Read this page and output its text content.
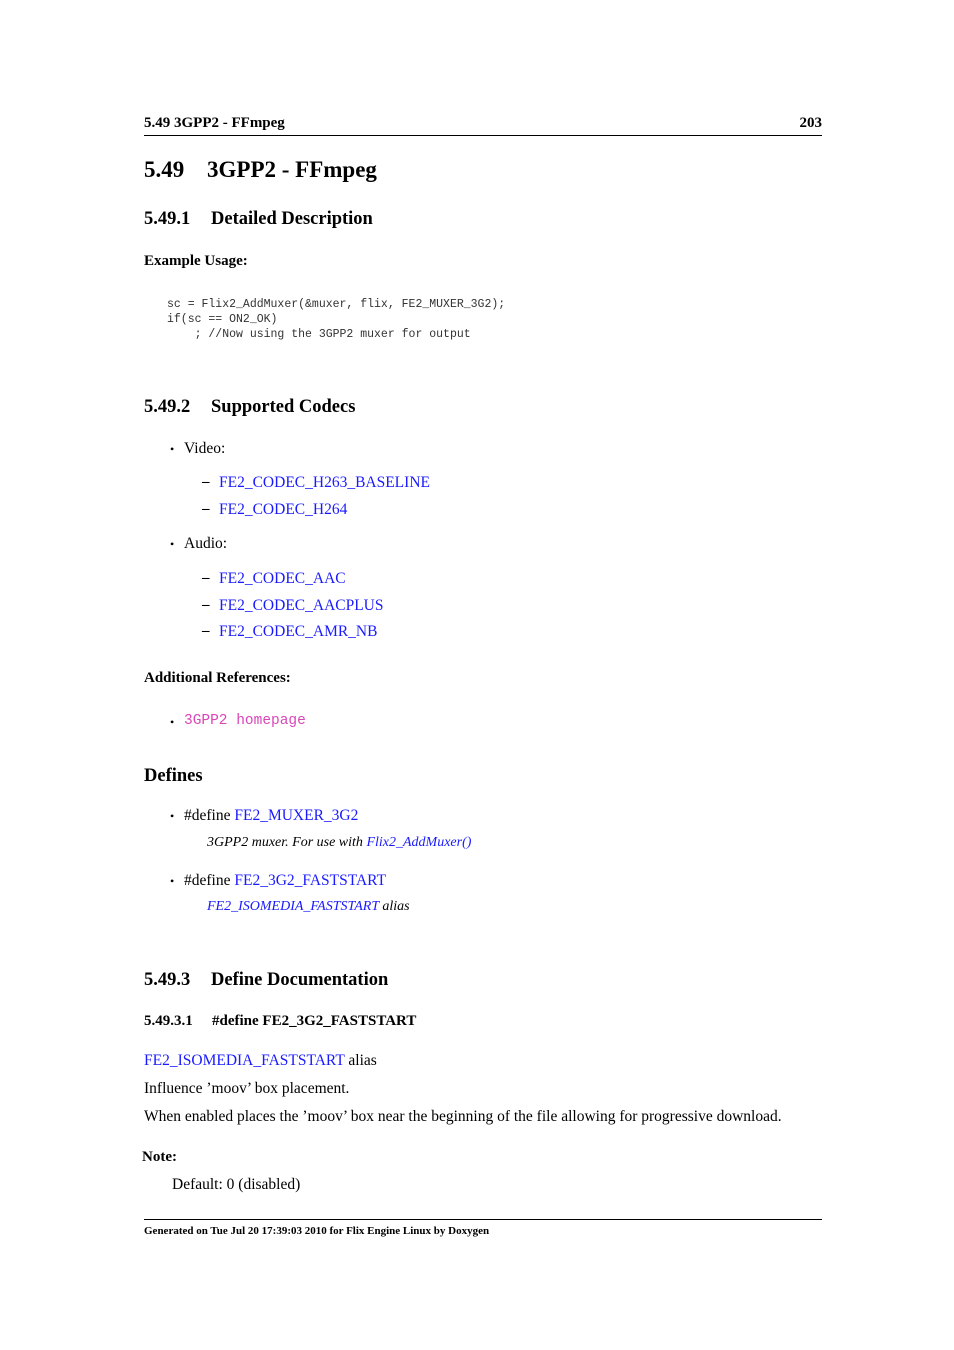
5.49 3GPP2 - FFmpeg	203
5.49 3GPP2 - FFmpeg
5.49.1 Detailed Description
Example Usage:
sc = Flix2_AddMuxer(&muxer, flix, FE2_MUXER_3G2);
if(sc == ON2_OK)
; //Now using the 3GPP2 muxer for output
5.49.2 Supported Codecs
• Video:
– FE2_CODEC_H263_BASELINE
– FE2_CODEC_H264
• Audio:
– FE2_CODEC_AAC
– FE2_CODEC_AACPLUS
– FE2_CODEC_AMR_NB
Additional References:
• 3GPP2 homepage
Defines
• #define FE2_MUXER_3G2
3GPP2 muxer. For use with Flix2_AddMuxer()
• #define FE2_3G2_FASTSTART
FE2_ISOMEDIA_FASTSTART alias
5.49.3 Define Documentation
5.49.3.1 #define FE2_3G2_FASTSTART
FE2_ISOMEDIA_FASTSTART alias
Influence ’moov’ box placement.
When enabled places the ’moov’ box near the beginning of the file allowing for progressive download.
Note:
Default: 0 (disabled)
Generated on Tue Jul 20 17:39:03 2010 for Flix Engine Linux by Doxygen
